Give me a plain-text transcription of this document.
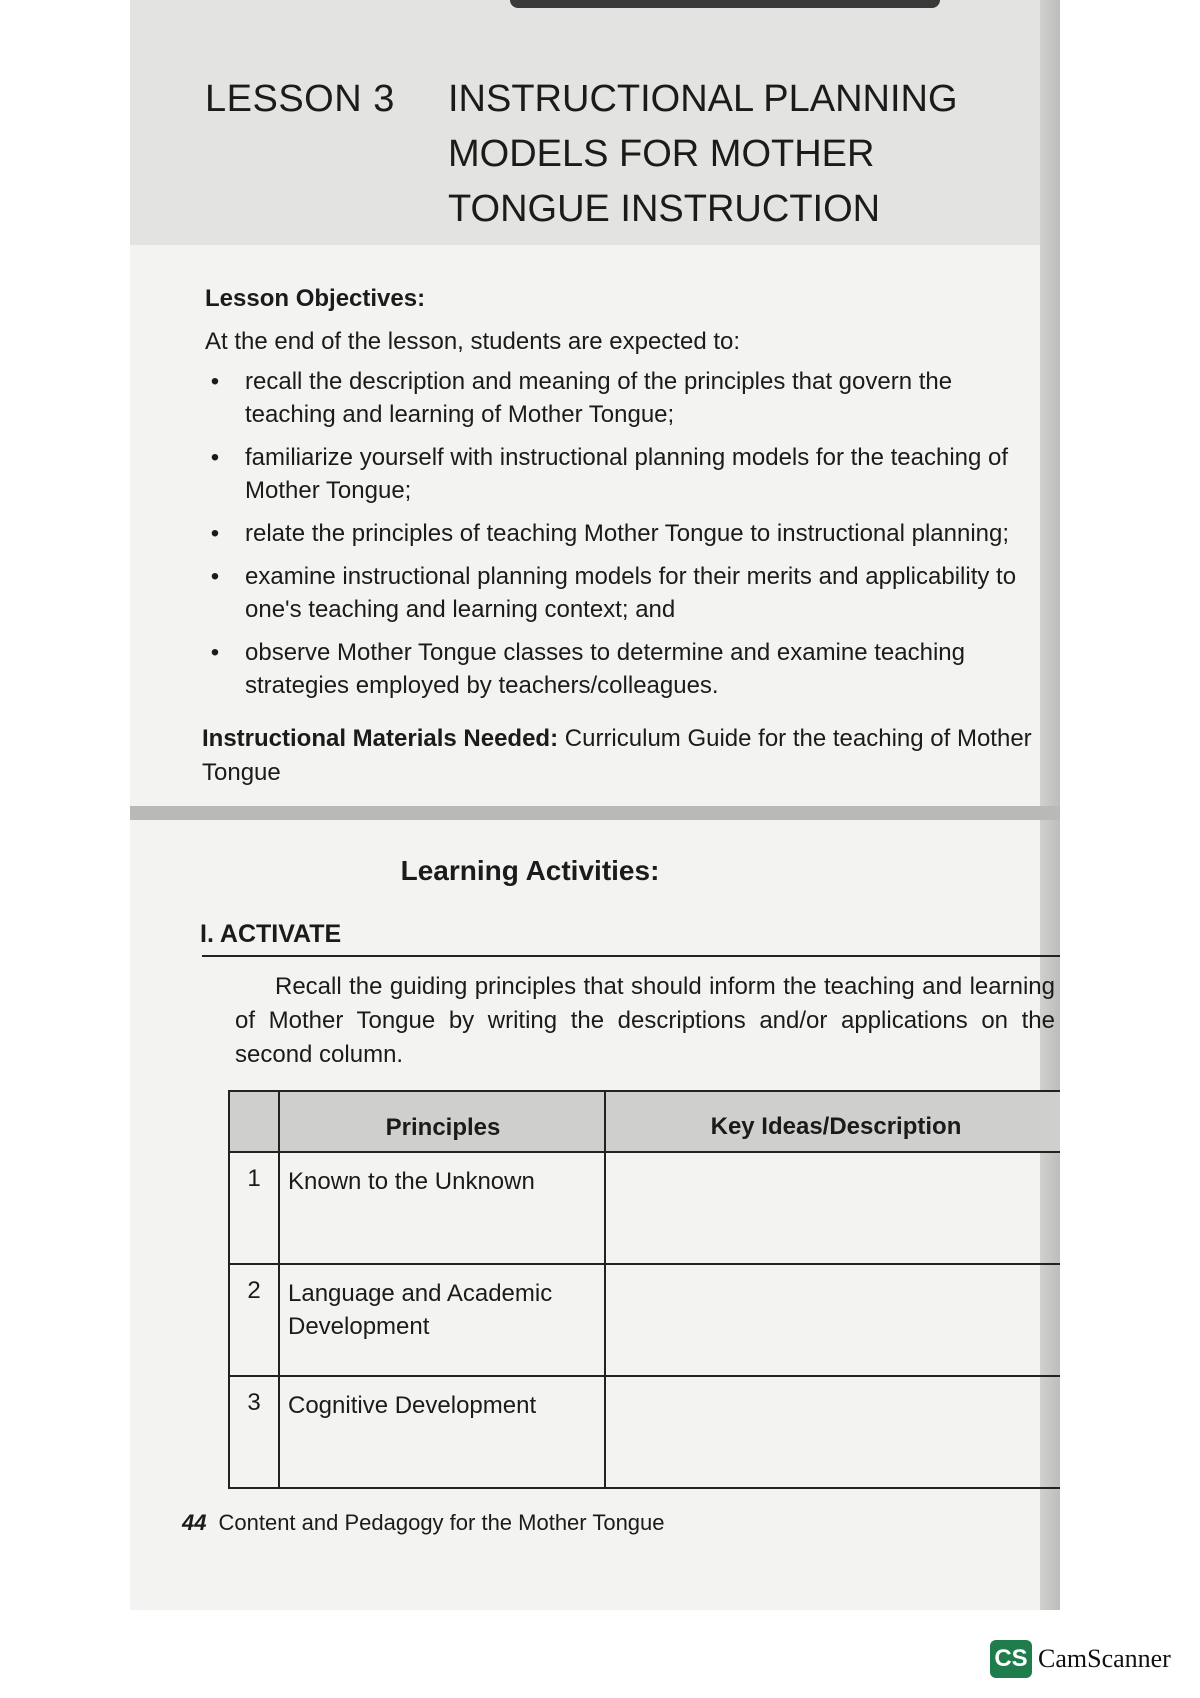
LESSON 3 INSTRUCTIONAL PLANNING MODELS FOR MOTHER TONGUE INSTRUCTION
Lesson Objectives:
At the end of the lesson, students are expected to:
• recall the description and meaning of the principles that govern the teaching and learning of Mother Tongue;
• familiarize yourself with instructional planning models for the teaching of Mother Tongue;
• relate the principles of teaching Mother Tongue to instructional planning;
• examine instructional planning models for their merits and applicability to one's teaching and learning context; and
• observe Mother Tongue classes to determine and examine teaching strategies employed by teachers/colleagues.
Instructional Materials Needed: Curriculum Guide for the teaching of Mother Tongue
Learning Activities:
I. ACTIVATE
Recall the guiding principles that should inform the teaching and learning of Mother Tongue by writing the descriptions and/or applications on the second column.
	Principles	Key Ideas/Description
1	Known to the Unknown	
2	Language and Academic Development	
3	Cognitive Development	
44 Content and Pedagogy for the Mother Tongue
CS CamScanner
